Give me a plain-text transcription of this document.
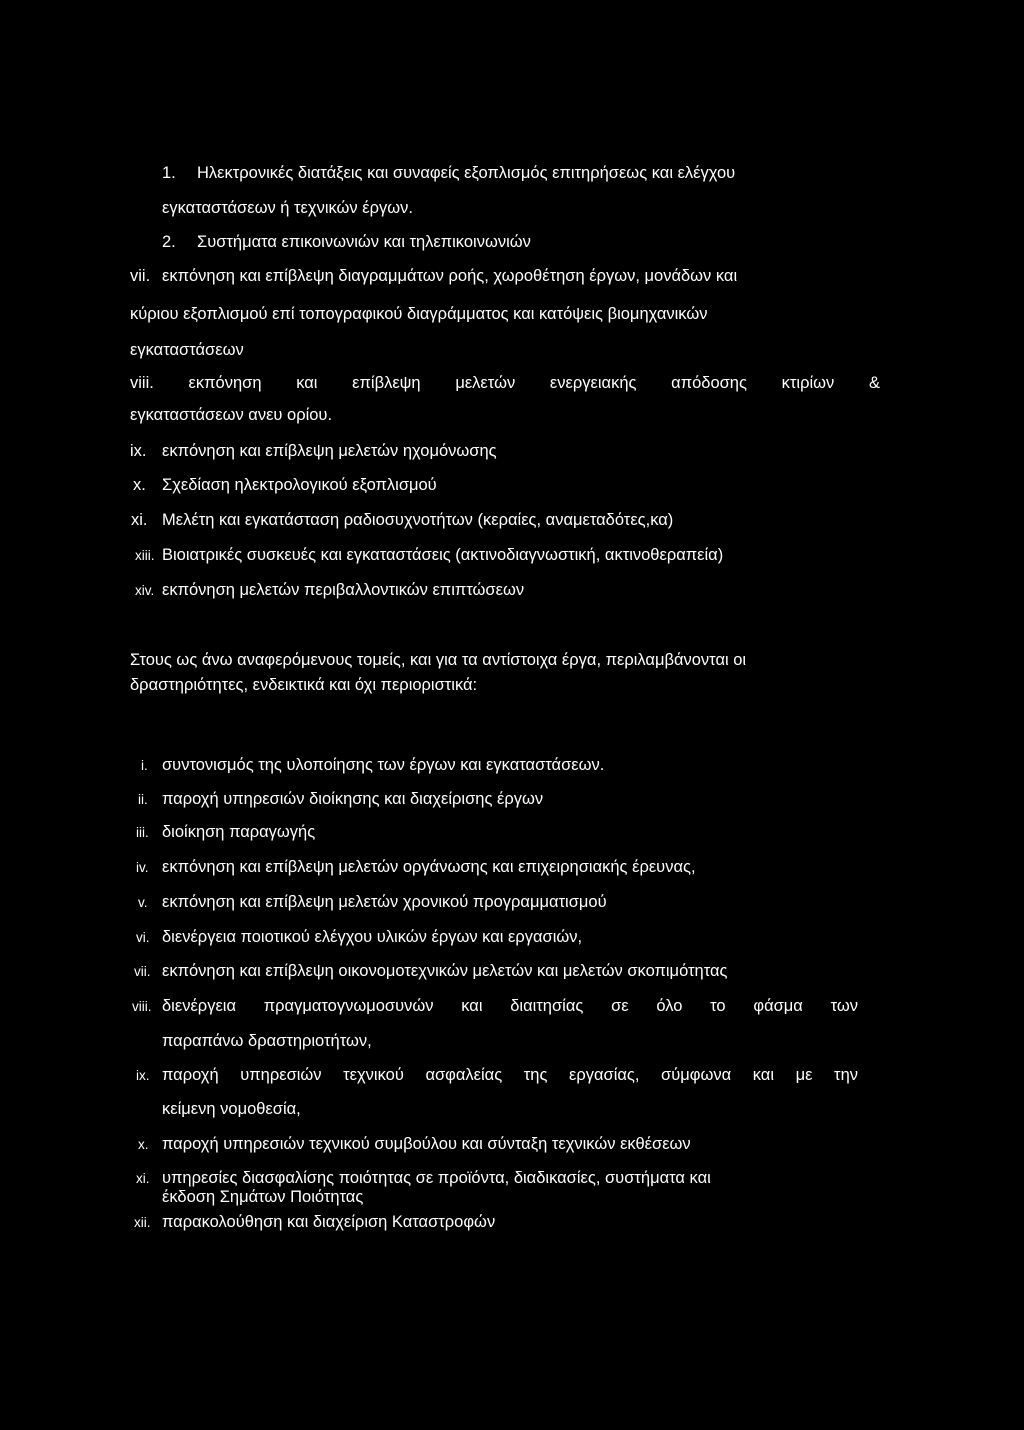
1. Ηλεκτρονικές διατάξεις και συναφείς εξοπλισμός επιτηρήσεως και ελέγχου
εγκαταστάσεων ή τεχνικών έργων.
2. Συστήματα επικοινωνιών και τηλεπικοινωνιών
vii. εκπόνηση και επίβλεψη διαγραμμάτων ροής, χωροθέτηση έργων, μονάδων και
κύριου εξοπλισμού επί τοπογραφικού διαγράμματος και κατόψεις βιομηχανικών
εγκαταστάσεων
viii. εκπόνηση και επίβλεψη μελετών ενεργειακής απόδοσης κτιρίων &
εγκαταστάσεων ανευ ορίου.
ix. εκπόνηση και επίβλεψη μελετών ηχομόνωσης
x. Σχεδίαση ηλεκτρολογικού εξοπλισμού
xi. Μελέτη και εγκατάσταση ραδιοσυχνοτήτων (κεραίες, αναμεταδότες,κα)
xiii. Βιοιατρικές συσκευές και εγκαταστάσεις (ακτινοδιαγνωστική, ακτινοθεραπεία)
xiv. εκπόνηση μελετών περιβαλλοντικών επιπτώσεων
Στους ως άνω αναφερόμενους τομείς, και για τα αντίστοιχα έργα, περιλαμβάνονται οι
δραστηριότητες, ενδεικτικά και όχι περιοριστικά:
i. συντονισμός της υλοποίησης των έργων και εγκαταστάσεων.
ii. παροχή υπηρεσιών διοίκησης και διαχείρισης έργων
iii. διοίκηση παραγωγής
iv. εκπόνηση και επίβλεψη μελετών οργάνωσης και επιχειρησιακής έρευνας,
v. εκπόνηση και επίβλεψη μελετών χρονικού προγραμματισμού
vi. διενέργεια ποιοτικού ελέγχου υλικών έργων και εργασιών,
vii. εκπόνηση και επίβλεψη οικονομοτεχνικών μελετών και μελετών σκοπιμότητας
viii. διενέργεια πραγματογνωμοσυνών και διαιτησίας σε όλο το φάσμα των
παραπάνω δραστηριοτήτων,
ix. παροχή υπηρεσιών τεχνικού ασφαλείας της εργασίας, σύμφωνα και με την
κείμενη νομοθεσία,
x. παροχή υπηρεσιών τεχνικού συμβούλου και σύνταξη τεχνικών εκθέσεων
xi. υπηρεσίες διασφαλίσης ποιότητας σε προϊόντα, διαδικασίες, συστήματα και
έκδοση Σημάτων Ποιότητας
xii. παρακολούθηση και διαχείριση Καταστροφών
